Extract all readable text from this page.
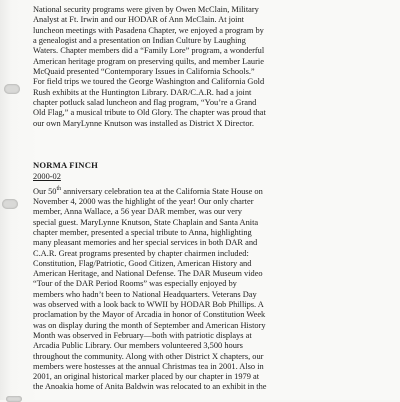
National security programs were given by Owen McClain, Military
Analyst at Ft. Irwin and our HODAR of Ann McClain. At joint
luncheon meetings with Pasadena Chapter, we enjoyed a program by
a genealogist and a presentation on Indian Culture by Laughing
Waters. Chapter members did a “Family Lore” program, a wonderful
American heritage program on preserving quilts, and member Laurie
McQuaid presented “Contemporary Issues in California Schools.”
For field trips we toured the George Washington and California Gold
Rush exhibits at the Huntington Library. DAR/C.A.R. had a joint
chapter potluck salad luncheon and flag program, “You’re a Grand
Old Flag,” a musical tribute to Old Glory. The chapter was proud that
our own MaryLynne Knutson was installed as District X Director.

NORMA FINCH
2000-02

Our 50th anniversary celebration tea at the California State House on
November 4, 2000 was the highlight of the year! Our only charter
member, Anna Wallace, a 56 year DAR member, was our very
special guest. MaryLynne Knutson, State Chaplain and Santa Anita
chapter member, presented a special tribute to Anna, highlighting
many pleasant memories and her special services in both DAR and
C.A.R. Great programs presented by chapter chairmen included:
Constitution, Flag/Patriotic, Good Citizen, American History and
American Heritage, and National Defense. The DAR Museum video
“Tour of the DAR Period Rooms” was especially enjoyed by
members who hadn’t been to National Headquarters. Veterans Day
was observed with a look back to WWII by HODAR Bob Phillips. A
proclamation by the Mayor of Arcadia in honor of Constitution Week
was on display during the month of September and American History
Month was observed in February—both with patriotic displays at
Arcadia Public Library. Our members volunteered 3,500 hours
throughout the community. Along with other District X chapters, our
members were hostesses at the annual Christmas tea in 2001. Also in
2001, an original historical marker placed by our chapter in 1979 at
the Anoakia home of Anita Baldwin was relocated to an exhibit in the
